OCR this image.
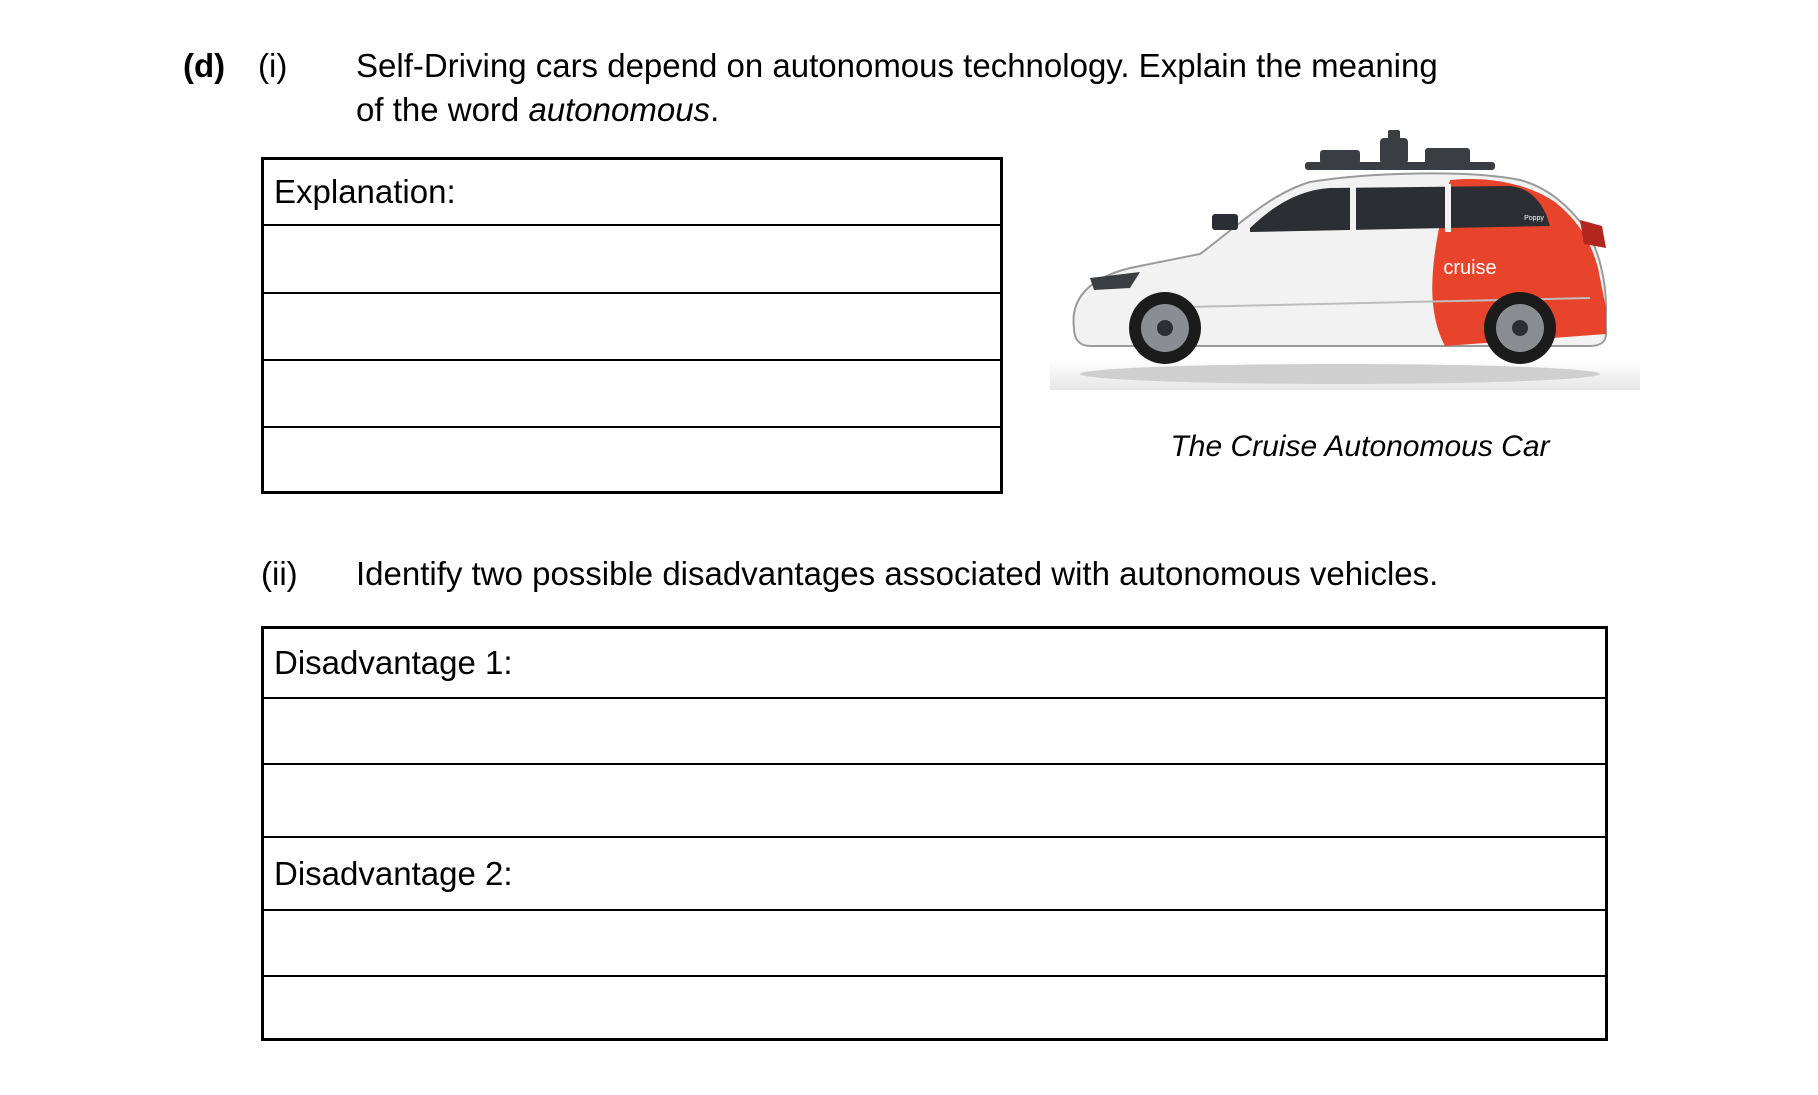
(d) (i) Self-Driving cars depend on autonomous technology. Explain the meaning
of the word autonomous.
Explanation:
cruise
Poppy
The Cruise Autonomous Car
(ii) Identify two possible disadvantages associated with autonomous vehicles.
Disadvantage 1:
Disadvantage 2:
